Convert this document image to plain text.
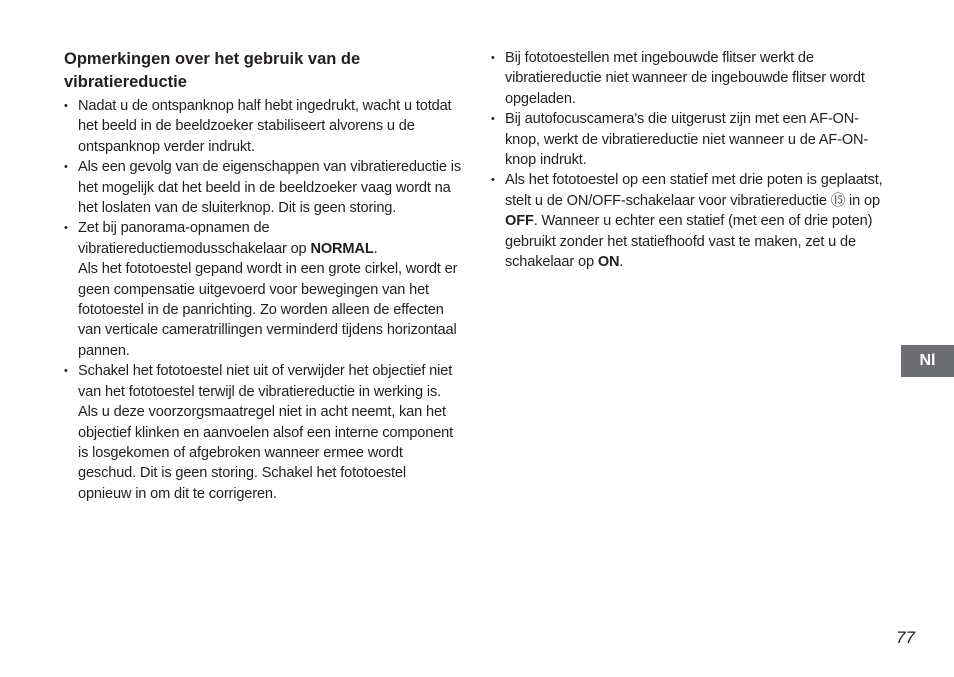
Opmerkingen over het gebruik van de vibratiereductie
• Nadat u de ontspanknop half hebt ingedrukt, wacht u totdat het beeld in de beeldzoeker stabiliseert alvorens u de ontspanknop verder indrukt.
• Als een gevolg van de eigenschappen van vibratiereductie is het mogelijk dat het beeld in de beeldzoeker vaag wordt na het loslaten van de sluiterknop. Dit is geen storing.
• Zet bij panorama-opnamen de vibratiereductiemodusschakelaar op NORMAL.
Als het fototoestel gepand wordt in een grote cirkel, wordt er geen compensatie uitgevoerd voor bewegingen van het fototoestel in de panrichting. Zo worden alleen de effecten van verticale cameratrillingen verminderd tijdens horizontaal pannen.
• Schakel het fototoestel niet uit of verwijder het objectief niet van het fototoestel terwijl de vibratiereductie in werking is. Als u deze voorzorgsmaatregel niet in acht neemt, kan het objectief klinken en aanvoelen alsof een interne component is losgekomen of afgebroken wanneer ermee wordt geschud. Dit is geen storing. Schakel het fototoestel opnieuw in om dit te corrigeren.
• Bij fototoestellen met ingebouwde flitser werkt de vibratiereductie niet wanneer de ingebouwde flitser wordt opgeladen.
• Bij autofocuscamera's die uitgerust zijn met een AF-ON-knop, werkt de vibratiereductie niet wanneer u de AF-ON-knop indrukt.
• Als het fototoestel op een statief met drie poten is geplaatst, stelt u de ON/OFF-schakelaar voor vibratiereductie ⑮ in op OFF. Wanneer u echter een statief (met een of drie poten) gebruikt zonder het statiefhoofd vast te maken, zet u de schakelaar op ON.
Nl
77
